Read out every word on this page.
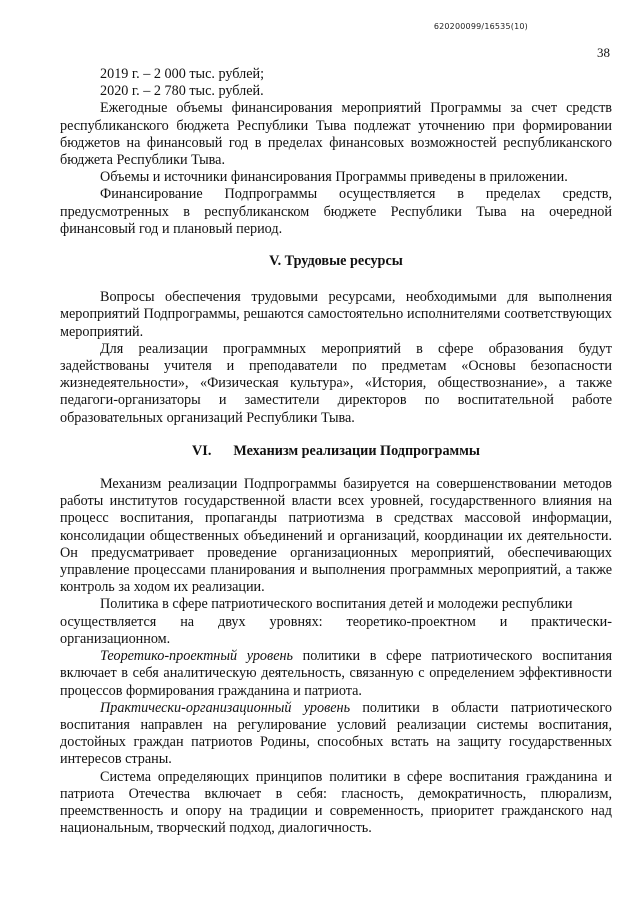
620200099/16535(10)
38

2019 г. – 2 000 тыс. рублей;

2020 г. – 2 780 тыс. рублей.

Ежегодные объемы финансирования мероприятий Программы за счет средств республиканского бюджета Республики Тыва подлежат уточнению при формировании бюджетов на финансовый год в пределах финансовых возможностей республиканского бюджета Республики Тыва.

Объемы и источники финансирования Программы приведены в приложении.

Финансирование Подпрограммы осуществляется в пределах средств, предусмотренных в республиканском бюджете Республики Тыва на очередной финансовый год и плановый период.

V. Трудовые ресурсы

Вопросы обеспечения трудовыми ресурсами, необходимыми для выполнения мероприятий Подпрограммы, решаются самостоятельно исполнителями соответствующих мероприятий.

Для реализации программных мероприятий в сфере образования будут задействованы учителя и преподаватели по предметам «Основы безопасности жизнедеятельности», «Физическая культура», «История, обществознание», а также педагоги-организаторы и заместители директоров по воспитательной работе образовательных организаций Республики Тыва.

VI. Механизм реализации Подпрограммы

Механизм реализации Подпрограммы базируется на совершенствовании методов работы институтов государственной власти всех уровней, государственного влияния на процесс воспитания, пропаганды патриотизма в средствах массовой информации, консолидации общественных объединений и организаций, координации их деятельности. Он предусматривает проведение организационных мероприятий, обеспечивающих управление процессами планирования и выполнения программных мероприятий, а также контроль за ходом их реализации.

Политика в сфере патриотического воспитания детей и молодежи республики

осуществляется на двух уровнях: теоретико-проектном и практически-

организационном.

Теоретико-проектный уровень политики в сфере патриотического воспитания включает в себя аналитическую деятельность, связанную с определением эффективности процессов формирования гражданина и патриота.

Практически-организационный уровень политики в области патриотического воспитания направлен на регулирование условий реализации системы воспитания, достойных граждан патриотов Родины, способных встать на защиту государственных интересов страны.

Система определяющих принципов политики в сфере воспитания гражданина и патриота Отечества включает в себя: гласность, демократичность, плюрализм, преемственность и опору на традиции и современность, приоритет гражданского над национальным, творческий подход, диалогичность.
